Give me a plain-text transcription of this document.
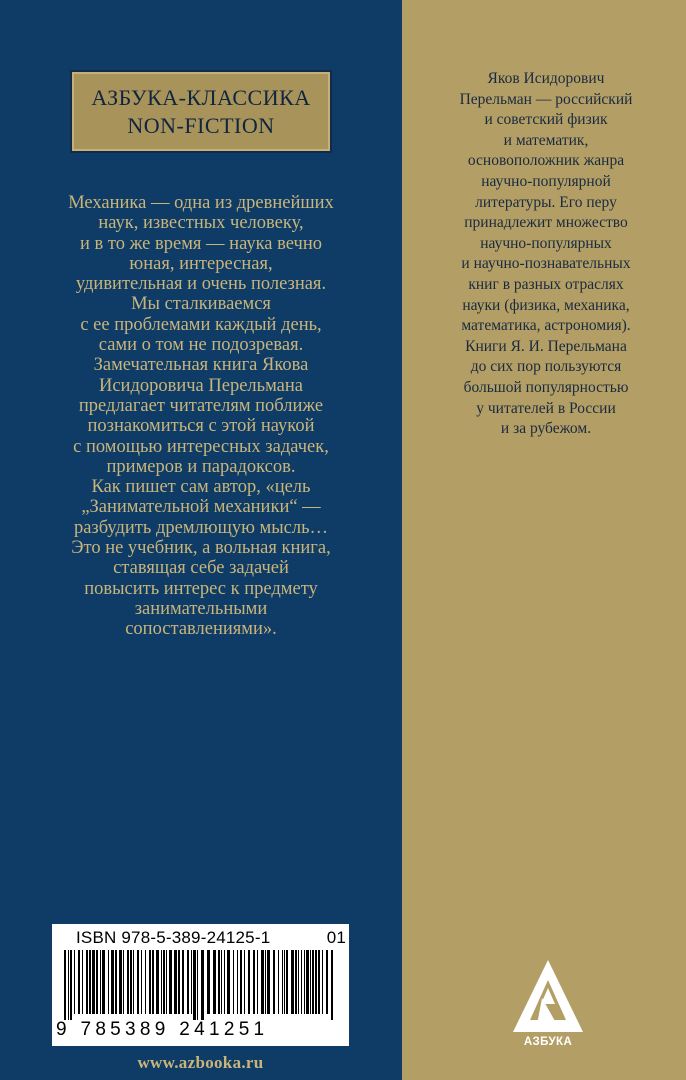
АЗБУКА-КЛАССИКА
NON-FICTION

Механика — одна из древнейших
наук, известных человеку,
и в то же время — наука вечно
юная, интересная,
удивительная и очень полезная.
Мы сталкиваемся
с ее проблемами каждый день,
сами о том не подозревая.
Замечательная книга Якова
Исидоровича Перельмана
предлагает читателям поближе
познакомиться с этой наукой
с помощью интересных задачек,
примеров и парадоксов.
Как пишет сам автор, «цель
„Занимательной механики“ —
разбудить дремлющую мысль…
Это не учебник, а вольная книга,
ставящая себе задачей
повысить интерес к предмету
занимательными
сопоставлениями».

Яков Исидорович
Перельман — российский
и советский физик
и математик,
основоположник жанра
научно-популярной
литературы. Его перу
принадлежит множество
научно-популярных
и научно-познавательных
книг в разных отраслях
науки (физика, механика,
математика, астрономия).
Книги Я. И. Перельмана
до сих пор пользуются
большой популярностью
у читателей в России
и за рубежом.

ISBN 978-5-389-24125-1	01
9 785389 241251
www.azbooka.ru
АЗБУКА
